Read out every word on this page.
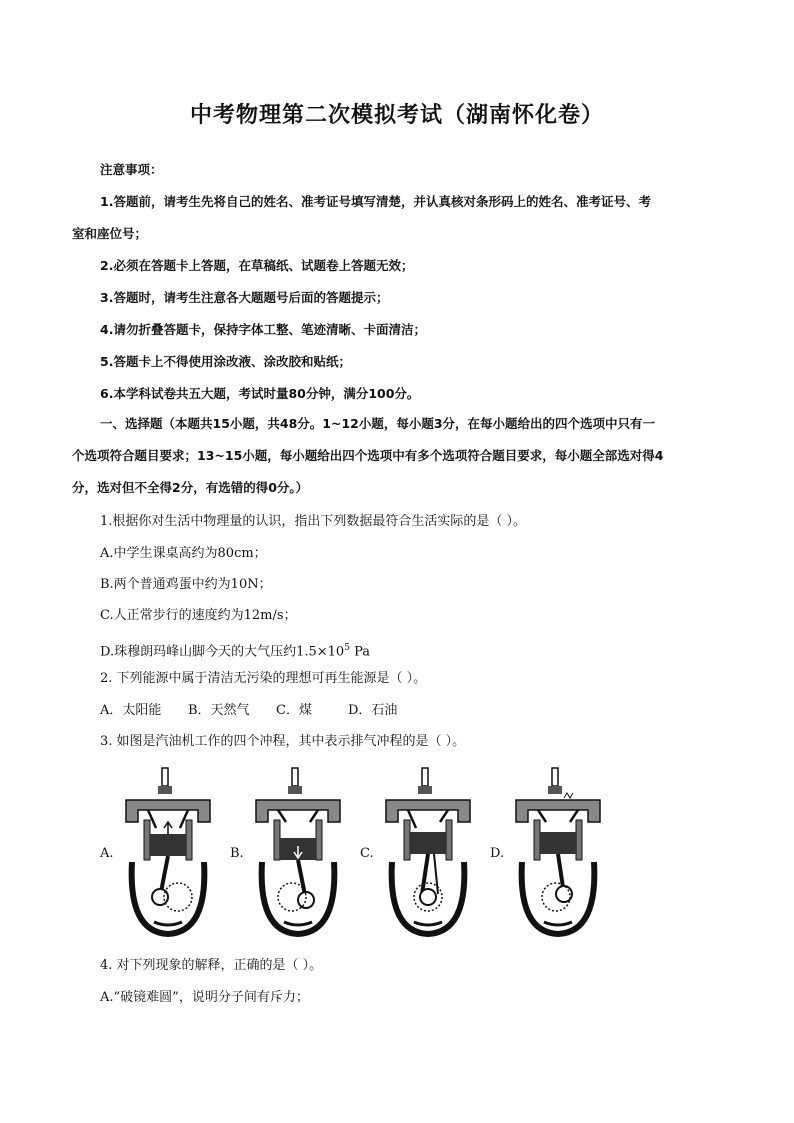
中考物理第二次模拟考试（湖南怀化卷）
注意事项：
1.答题前，请考生先将自己的姓名、准考证号填写清楚，并认真核对条形码上的姓名、准考证号、考
室和座位号；
2.必须在答题卡上答题，在草稿纸、试题卷上答题无效；
3.答题时，请考生注意各大题题号后面的答题提示；
4.请勿折叠答题卡，保持字体工整、笔迹清晰、卡面清洁；
5.答题卡上不得使用涂改液、涂改胶和贴纸；
6.本学科试卷共五大题，考试时量80分钟，满分100分。
一、选择题（本题共15小题，共48分。1~12小题，每小题3分，在每小题给出的四个选项中只有一
个选项符合题目要求；13~15小题，每小题给出四个选项中有多个选项符合题目要求，每小题全部选对得4
分，选对但不全得2分，有选错的得0分。）
1.根据你对生活中物理量的认识，指出下列数据最符合生活实际的是（ ）。
A.中学生课桌高约为80cm；
B.两个普通鸡蛋中约为10N；
C.人正常步行的速度约为12m/s；
D.珠穆朗玛峰山脚今天的大气压约$1.5\times 10^5$ Pa
2. 下列能源中属于清洁无污染的理想可再生能源是（ ）。
A．太阳能 B．天然气 C．煤	D．石油
3. 如图是汽油机工作的四个冲程，其中表示排气冲程的是（ ）。
A.	B.	C.	D.
4. 对下列现象的解释，正确的是（ ）。
A.“破镜难圆”，说明分子间有斥力；
